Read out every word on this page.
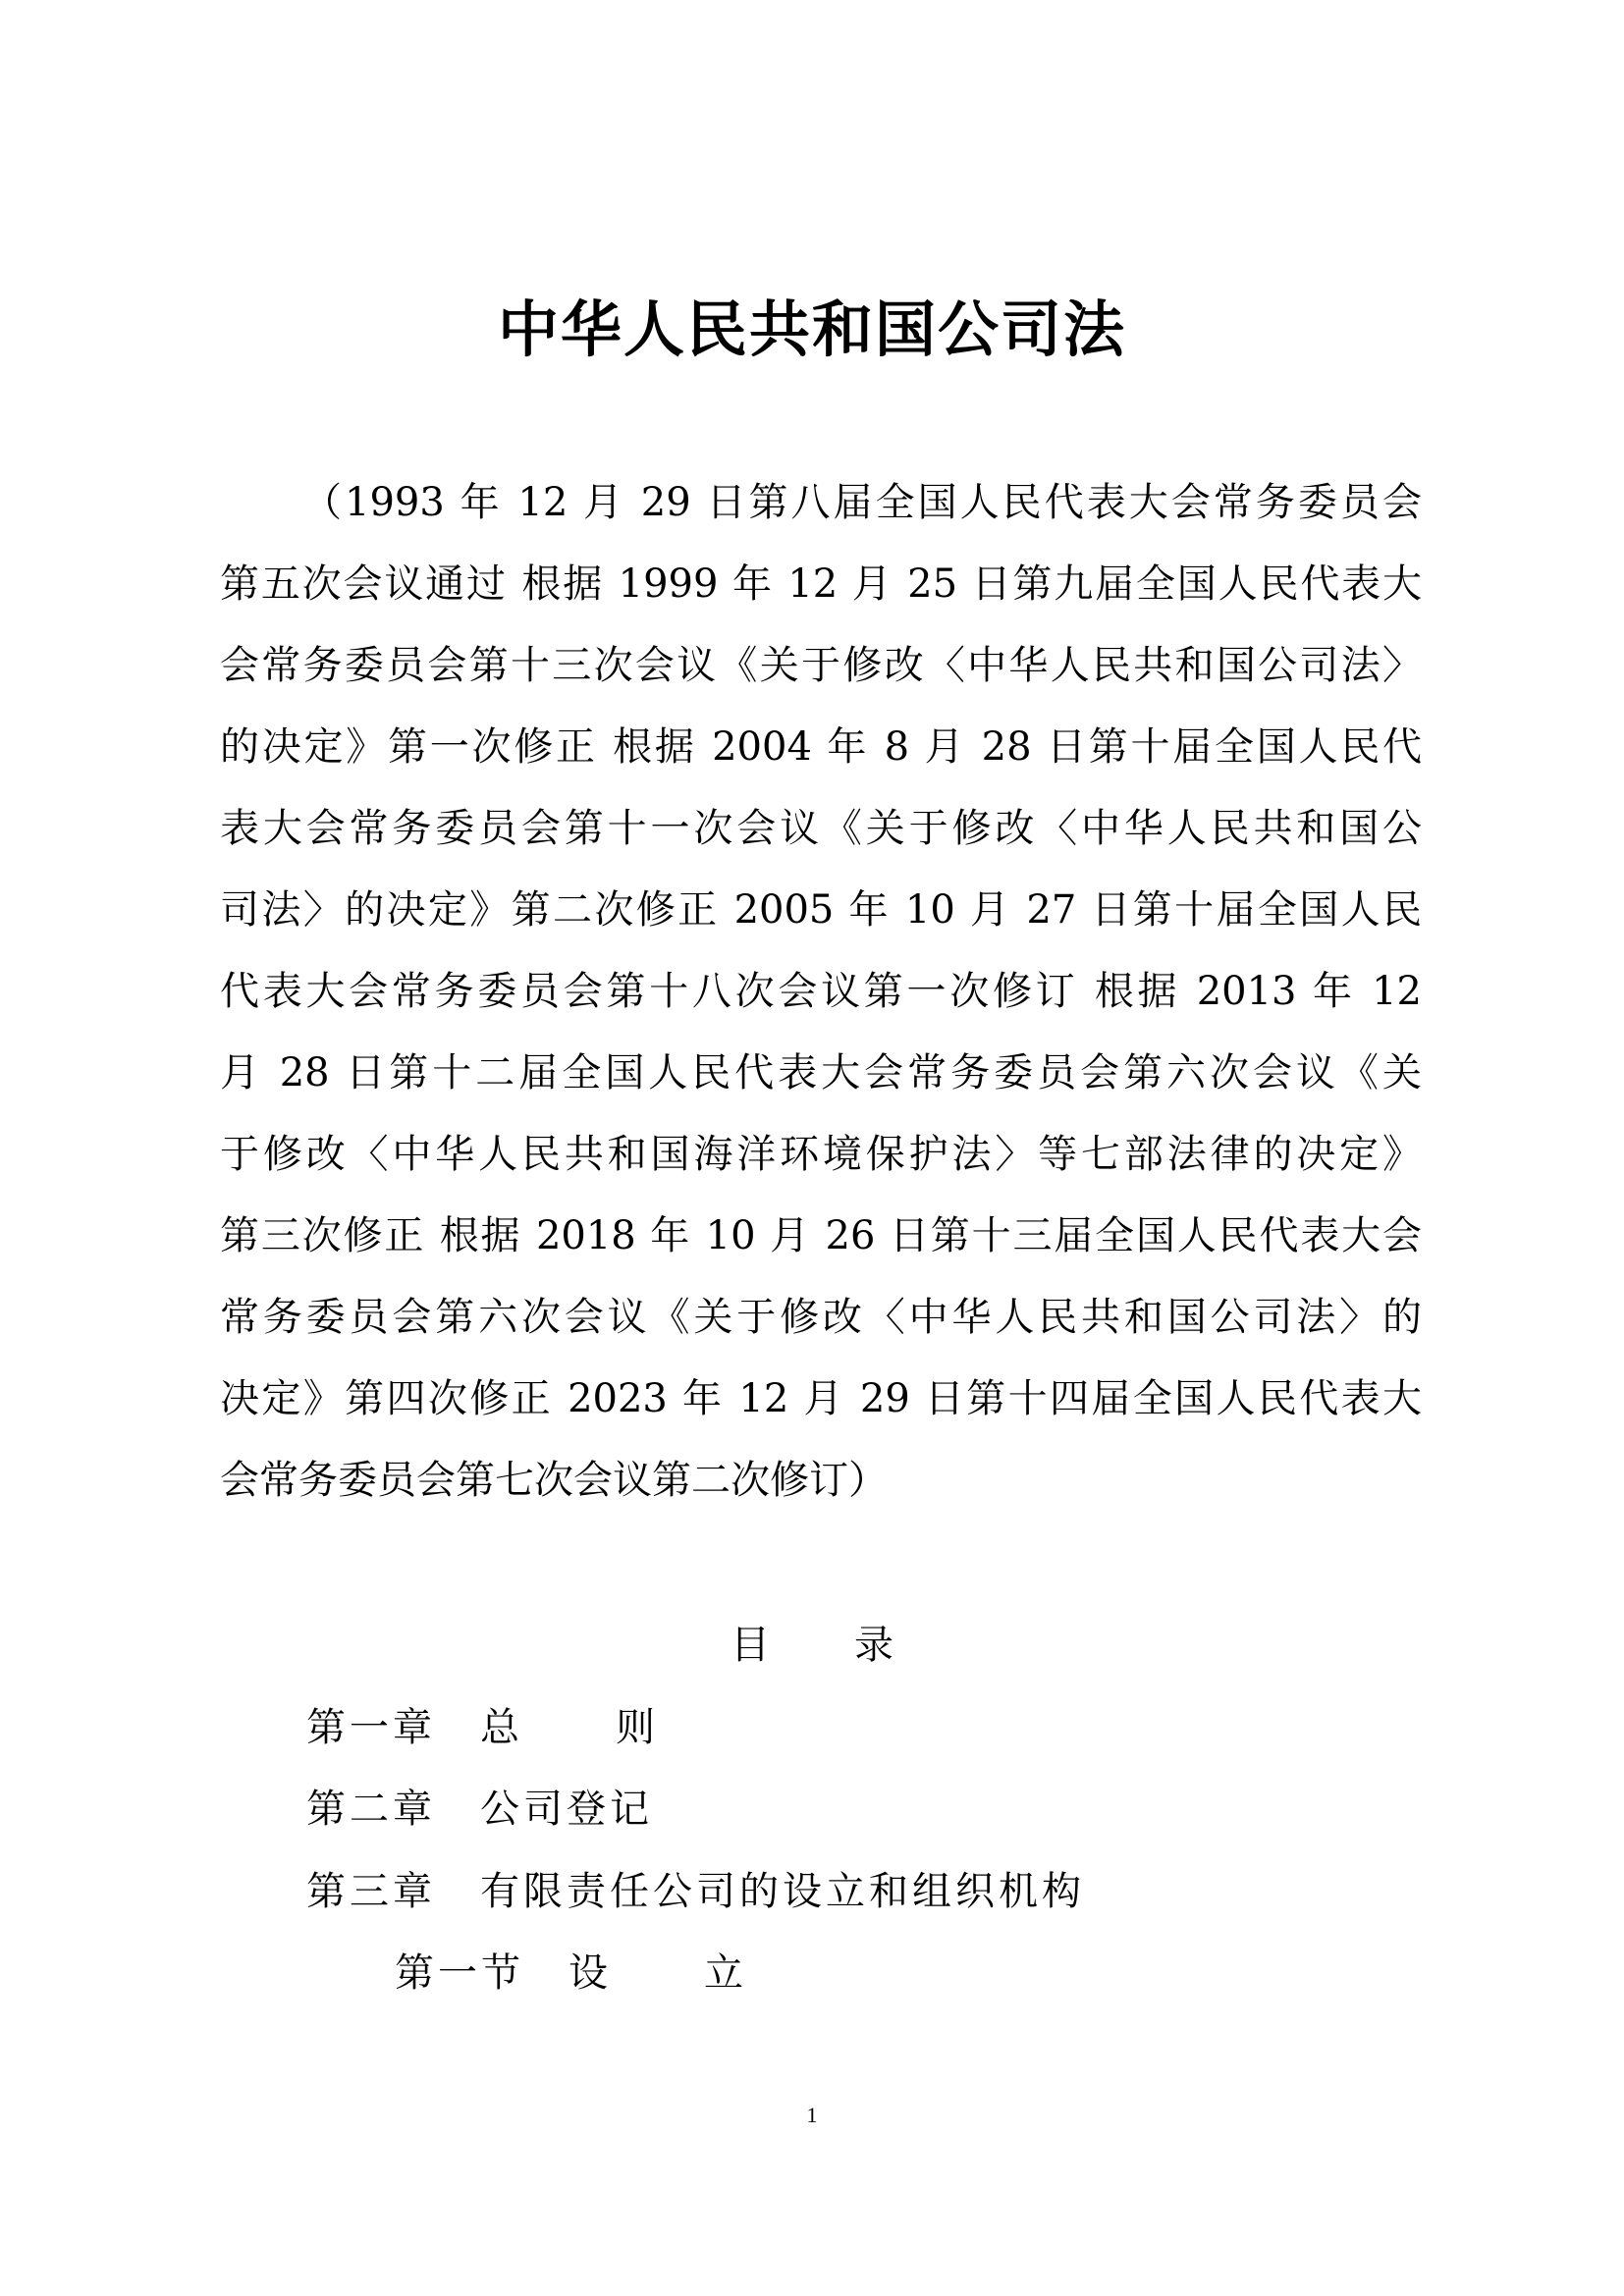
中华人民共和国公司法
（1993 年 12 月 29 日第八届全国人民代表大会常务委员会
第五次会议通过 根据 1999 年 12 月 25 日第九届全国人民代表大
会常务委员会第十三次会议《关于修改〈中华人民共和国公司法〉
的决定》第一次修正 根据 2004 年 8 月 28 日第十届全国人民代
表大会常务委员会第十一次会议《关于修改〈中华人民共和国公
司法〉的决定》第二次修正 2005 年 10 月 27 日第十届全国人民
代表大会常务委员会第十八次会议第一次修订 根据 2013 年 12
月 28 日第十二届全国人民代表大会常务委员会第六次会议《关
于修改〈中华人民共和国海洋环境保护法〉等七部法律的决定》
第三次修正 根据 2018 年 10 月 26 日第十三届全国人民代表大会
常务委员会第六次会议《关于修改〈中华人民共和国公司法〉的
决定》第四次修正 2023 年 12 月 29 日第十四届全国人民代表大
会常务委员会第七次会议第二次修订）
目 录
第一章 总　　则
第二章 公司登记
第三章 有限责任公司的设立和组织机构
第一节 设　　立
1
